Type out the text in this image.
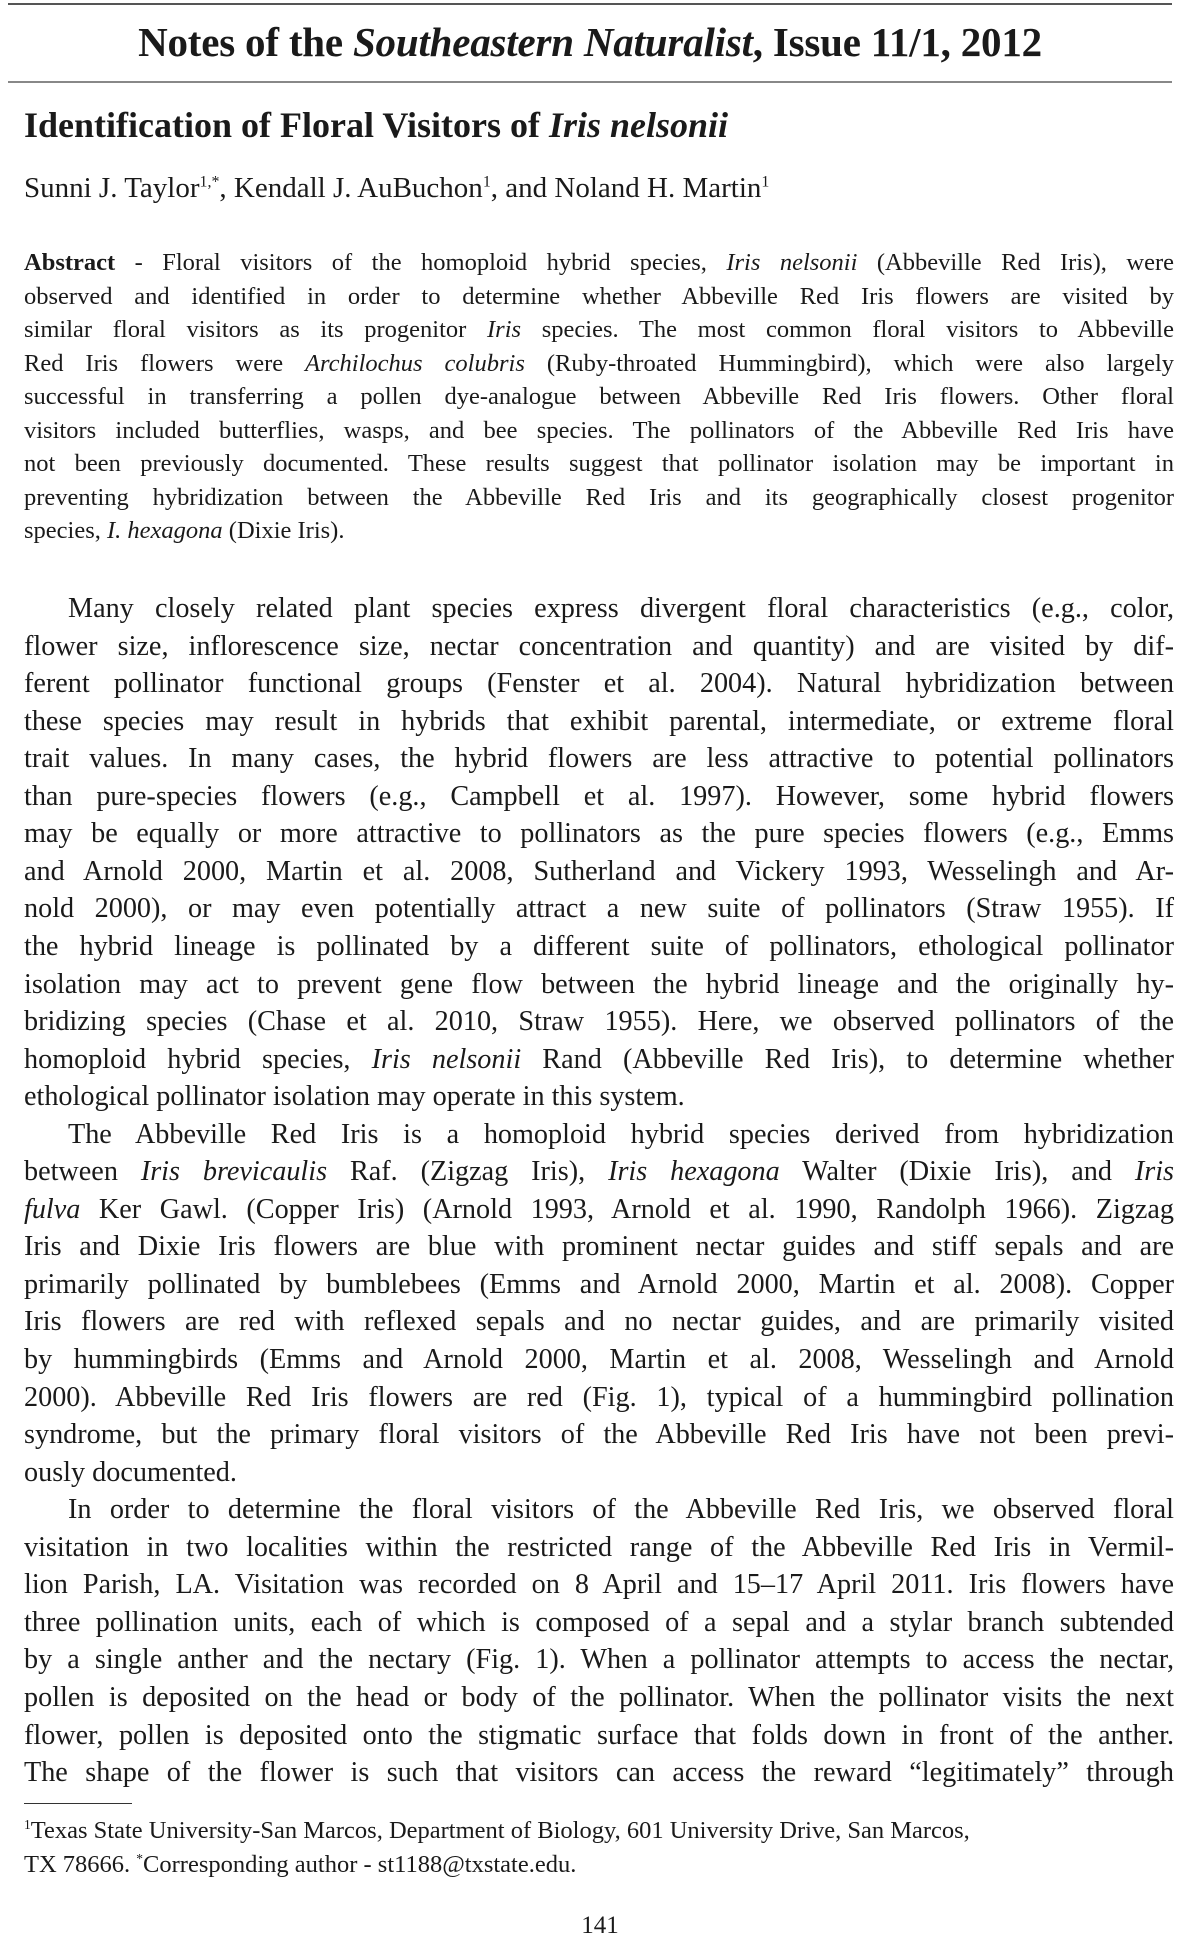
Notes of the Southeastern Naturalist, Issue 11/1, 2012
Identification of Floral Visitors of Iris nelsonii
Sunni J. Taylor$^{1,*}$, Kendall J. AuBuchon$^1$, and Noland H. Martin$^1$
Abstract - Floral visitors of the homoploid hybrid species, Iris nelsonii (Abbeville Red Iris), were
observed and identified in order to determine whether Abbeville Red Iris flowers are visited by
similar floral visitors as its progenitor Iris species. The most common floral visitors to Abbeville
Red Iris flowers were Archilochus colubris (Ruby-throated Hummingbird), which were also largely
successful in transferring a pollen dye-analogue between Abbeville Red Iris flowers. Other floral
visitors included butterflies, wasps, and bee species. The pollinators of the Abbeville Red Iris have
not been previously documented. These results suggest that pollinator isolation may be important in
preventing hybridization between the Abbeville Red Iris and its geographically closest progenitor
species, I. hexagona (Dixie Iris).
Many closely related plant species express divergent floral characteristics (e.g., color,
flower size, inflorescence size, nectar concentration and quantity) and are visited by dif-
ferent pollinator functional groups (Fenster et al. 2004). Natural hybridization between
these species may result in hybrids that exhibit parental, intermediate, or extreme floral
trait values. In many cases, the hybrid flowers are less attractive to potential pollinators
than pure-species flowers (e.g., Campbell et al. 1997). However, some hybrid flowers
may be equally or more attractive to pollinators as the pure species flowers (e.g., Emms
and Arnold 2000, Martin et al. 2008, Sutherland and Vickery 1993, Wesselingh and Ar-
nold 2000), or may even potentially attract a new suite of pollinators (Straw 1955). If
the hybrid lineage is pollinated by a different suite of pollinators, ethological pollinator
isolation may act to prevent gene flow between the hybrid lineage and the originally hy-
bridizing species (Chase et al. 2010, Straw 1955). Here, we observed pollinators of the
homoploid hybrid species, Iris nelsonii Rand (Abbeville Red Iris), to determine whether
ethological pollinator isolation may operate in this system.
The Abbeville Red Iris is a homoploid hybrid species derived from hybridization
between Iris brevicaulis Raf. (Zigzag Iris), Iris hexagona Walter (Dixie Iris), and Iris
fulva Ker Gawl. (Copper Iris) (Arnold 1993, Arnold et al. 1990, Randolph 1966). Zigzag
Iris and Dixie Iris flowers are blue with prominent nectar guides and stiff sepals and are
primarily pollinated by bumblebees (Emms and Arnold 2000, Martin et al. 2008). Copper
Iris flowers are red with reflexed sepals and no nectar guides, and are primarily visited
by hummingbirds (Emms and Arnold 2000, Martin et al. 2008, Wesselingh and Arnold
2000). Abbeville Red Iris flowers are red (Fig. 1), typical of a hummingbird pollination
syndrome, but the primary floral visitors of the Abbeville Red Iris have not been previ-
ously documented.
In order to determine the floral visitors of the Abbeville Red Iris, we observed floral
visitation in two localities within the restricted range of the Abbeville Red Iris in Vermil-
lion Parish, LA. Visitation was recorded on 8 April and 15–17 April 2011. Iris flowers have
three pollination units, each of which is composed of a sepal and a stylar branch subtended
by a single anther and the nectary (Fig. 1). When a pollinator attempts to access the nectar,
pollen is deposited on the head or body of the pollinator. When the pollinator visits the next
flower, pollen is deposited onto the stigmatic surface that folds down in front of the anther.
The shape of the flower is such that visitors can access the reward “legitimately” through
$^1$Texas State University-San Marcos, Department of Biology, 601 University Drive, San Marcos,
TX 78666. *Corresponding author - st1188@txstate.edu.
141
